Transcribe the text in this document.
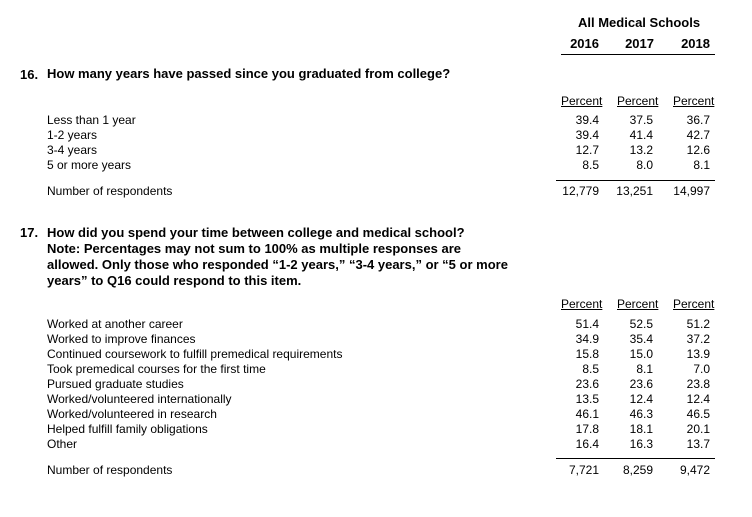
All Medical Schools
2016	2017	2018
16. How many years have passed since you graduated from college?
Percent Percent Percent
Less than 1 year	39.4	37.5	36.7
1-2 years	39.4	41.4	42.7
3-4 years	12.7	13.2	12.6
5 or more years	8.5	8.0	8.1
Number of respondents	12,779	13,251	14,997
17. How did you spend your time between college and medical school?
Note: Percentages may not sum to 100% as multiple responses are
allowed. Only those who responded “1-2 years,” “3-4 years,” or “5 or more
years” to Q16 could respond to this item.
Percent Percent Percent
Worked at another career	51.4	52.5	51.2
Worked to improve finances	34.9	35.4	37.2
Continued coursework to fulfill premedical requirements	15.8	15.0	13.9
Took premedical courses for the first time	8.5	8.1	7.0
Pursued graduate studies	23.6	23.6	23.8
Worked/volunteered internationally	13.5	12.4	12.4
Worked/volunteered in research	46.1	46.3	46.5
Helped fulfill family obligations	17.8	18.1	20.1
Other	16.4	16.3	13.7
Number of respondents	7,721	8,259	9,472
